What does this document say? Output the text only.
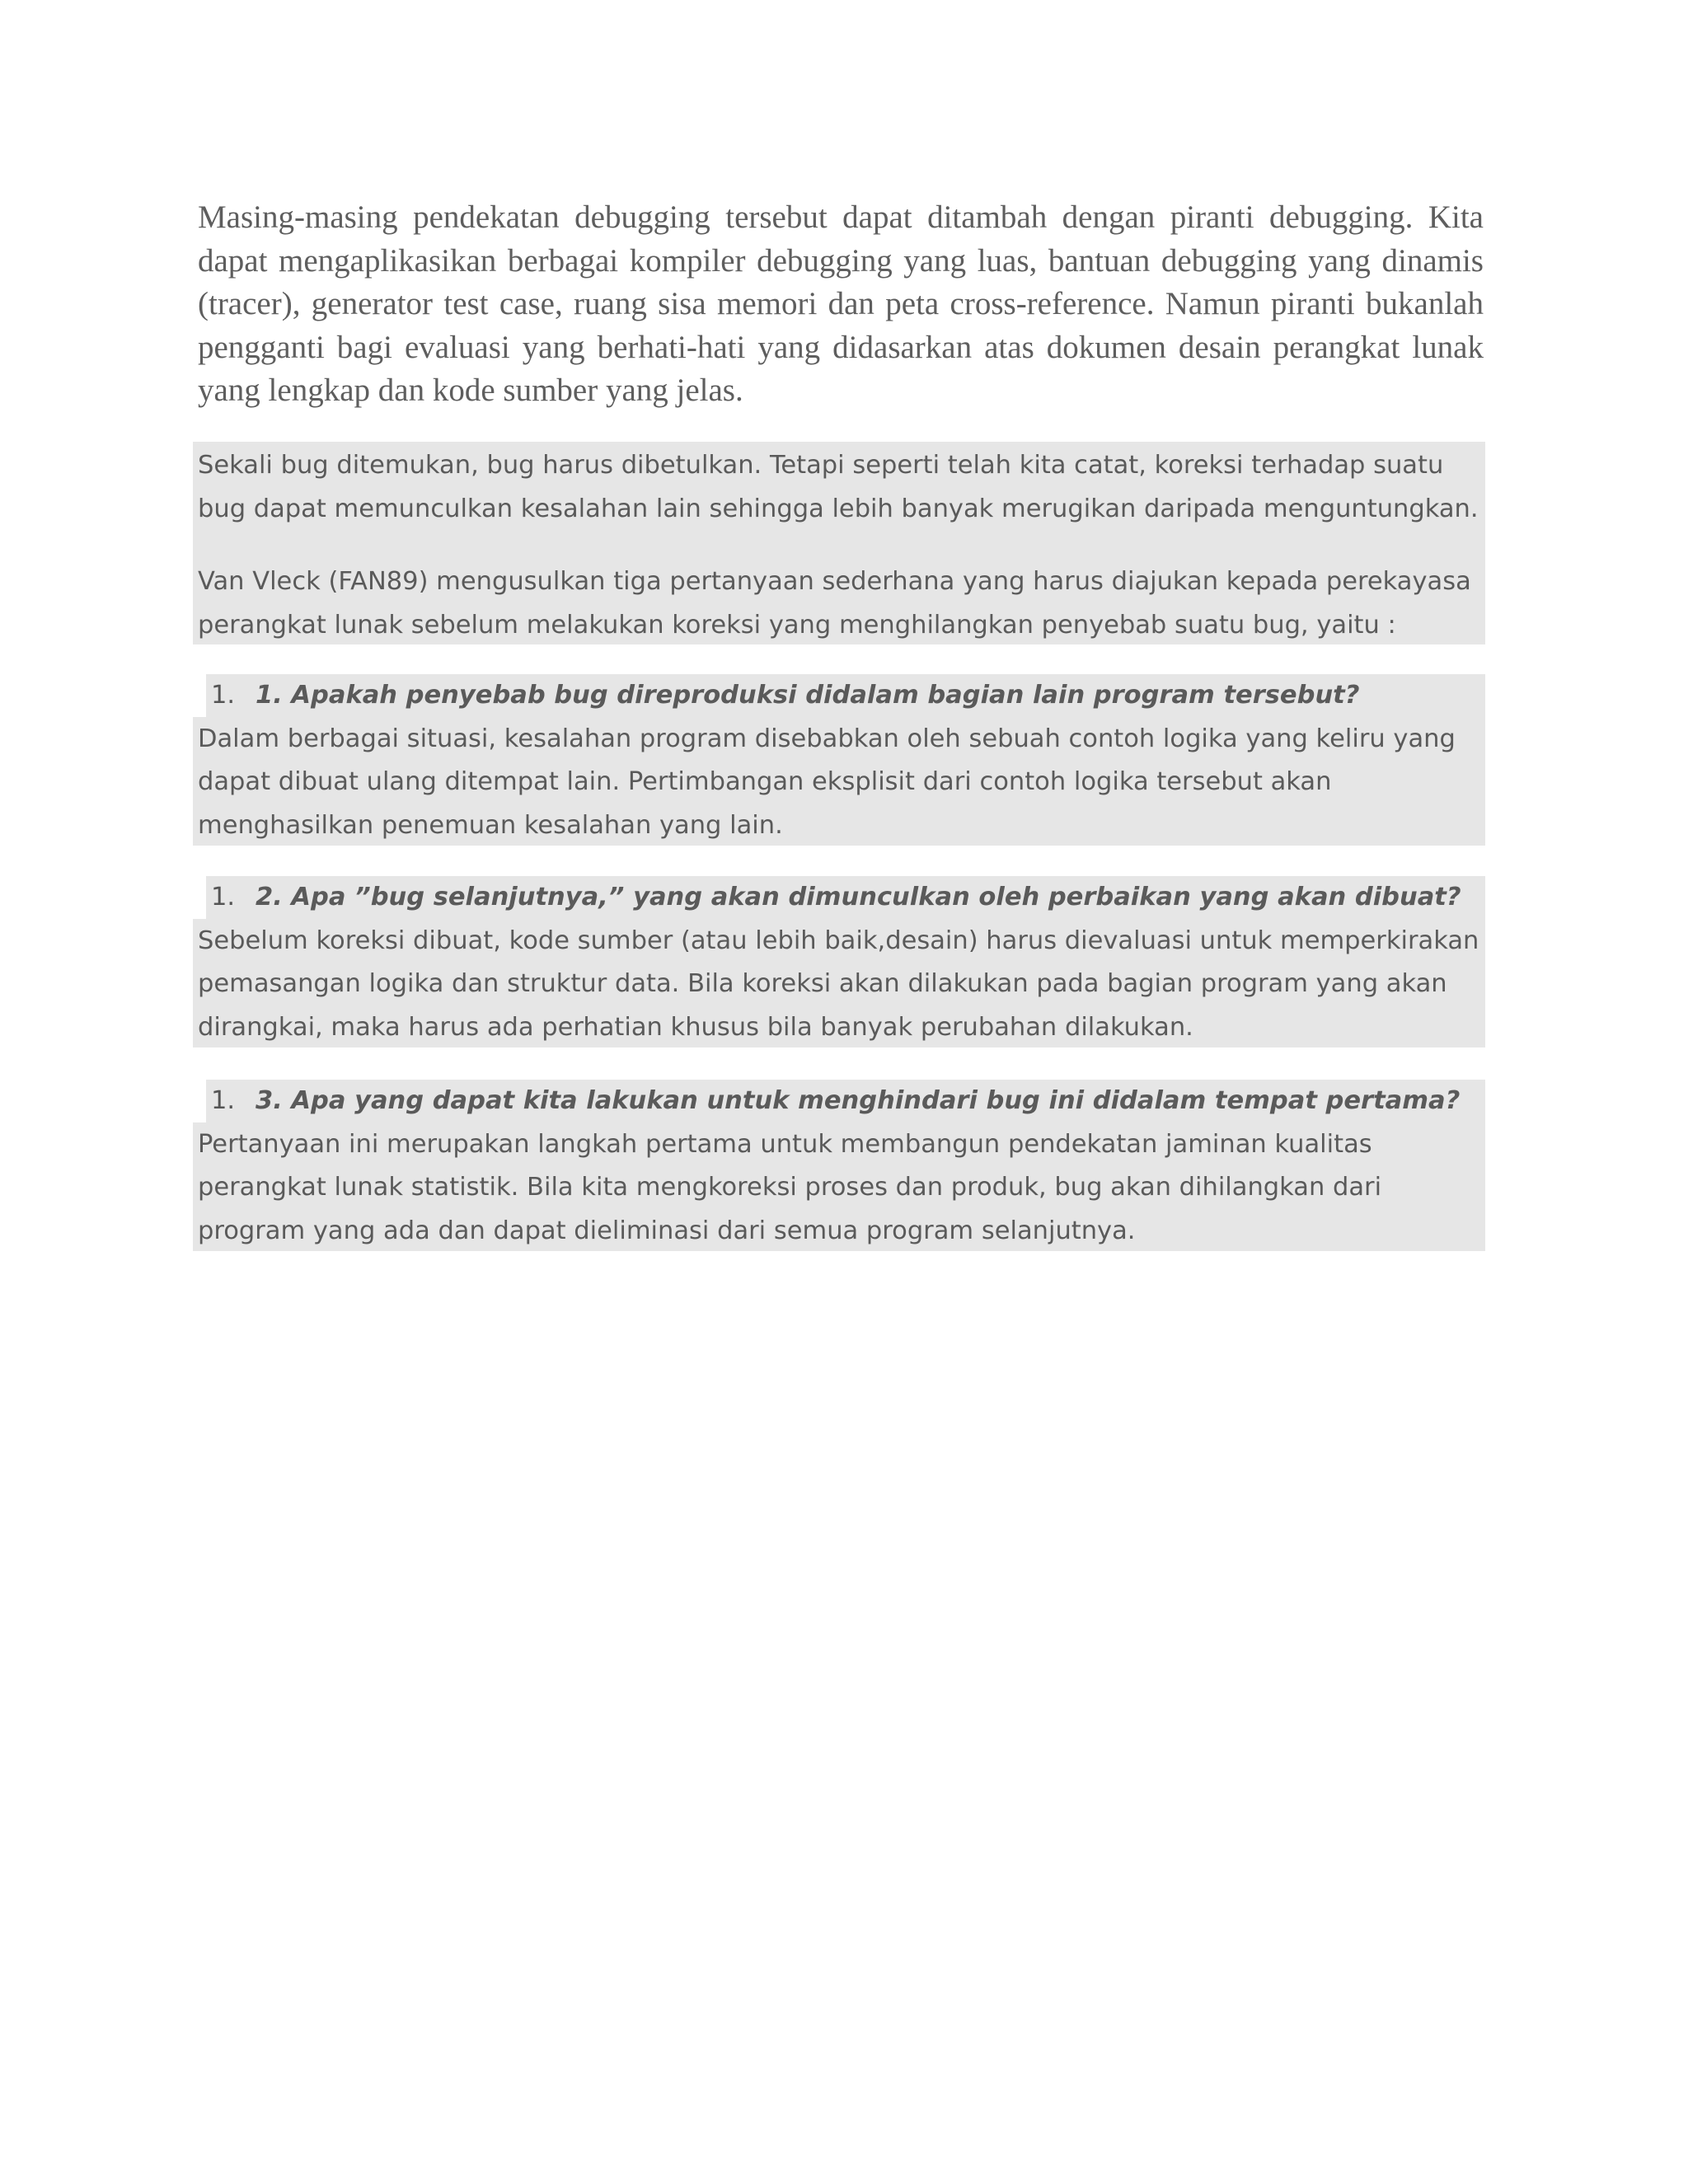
Masing-masing pendekatan debugging tersebut dapat ditambah dengan piranti debugging. Kita dapat mengaplikasikan berbagai kompiler debugging yang luas, bantuan debugging yang dinamis (tracer), generator test case, ruang sisa memori dan peta cross-reference. Namun piranti bukanlah pengganti bagi evaluasi yang berhati-hati yang didasarkan atas dokumen desain perangkat lunak yang lengkap dan kode sumber yang jelas.

Sekali bug ditemukan, bug harus dibetulkan. Tetapi seperti telah kita catat, koreksi terhadap suatu bug dapat memunculkan kesalahan lain sehingga lebih banyak merugikan daripada menguntungkan.

Van Vleck (FAN89) mengusulkan tiga pertanyaan sederhana yang harus diajukan kepada perekayasa perangkat lunak sebelum melakukan koreksi yang menghilangkan penyebab suatu bug, yaitu :

1. 1. Apakah penyebab bug direproduksi didalam bagian lain program tersebut?

Dalam berbagai situasi, kesalahan program disebabkan oleh sebuah contoh logika yang keliru yang dapat dibuat ulang ditempat lain. Pertimbangan eksplisit dari contoh logika tersebut akan menghasilkan penemuan kesalahan yang lain.

1. 2. Apa ”bug selanjutnya,” yang akan dimunculkan oleh perbaikan yang akan dibuat?

Sebelum koreksi dibuat, kode sumber (atau lebih baik,desain) harus dievaluasi untuk memperkirakan pemasangan logika dan struktur data. Bila koreksi akan dilakukan pada bagian program yang akan dirangkai, maka harus ada perhatian khusus bila banyak perubahan dilakukan.

1. 3. Apa yang dapat kita lakukan untuk menghindari bug ini didalam tempat pertama?

Pertanyaan ini merupakan langkah pertama untuk membangun pendekatan jaminan kualitas perangkat lunak statistik. Bila kita mengkoreksi proses dan produk, bug akan dihilangkan dari program yang ada dan dapat dieliminasi dari semua program selanjutnya.
